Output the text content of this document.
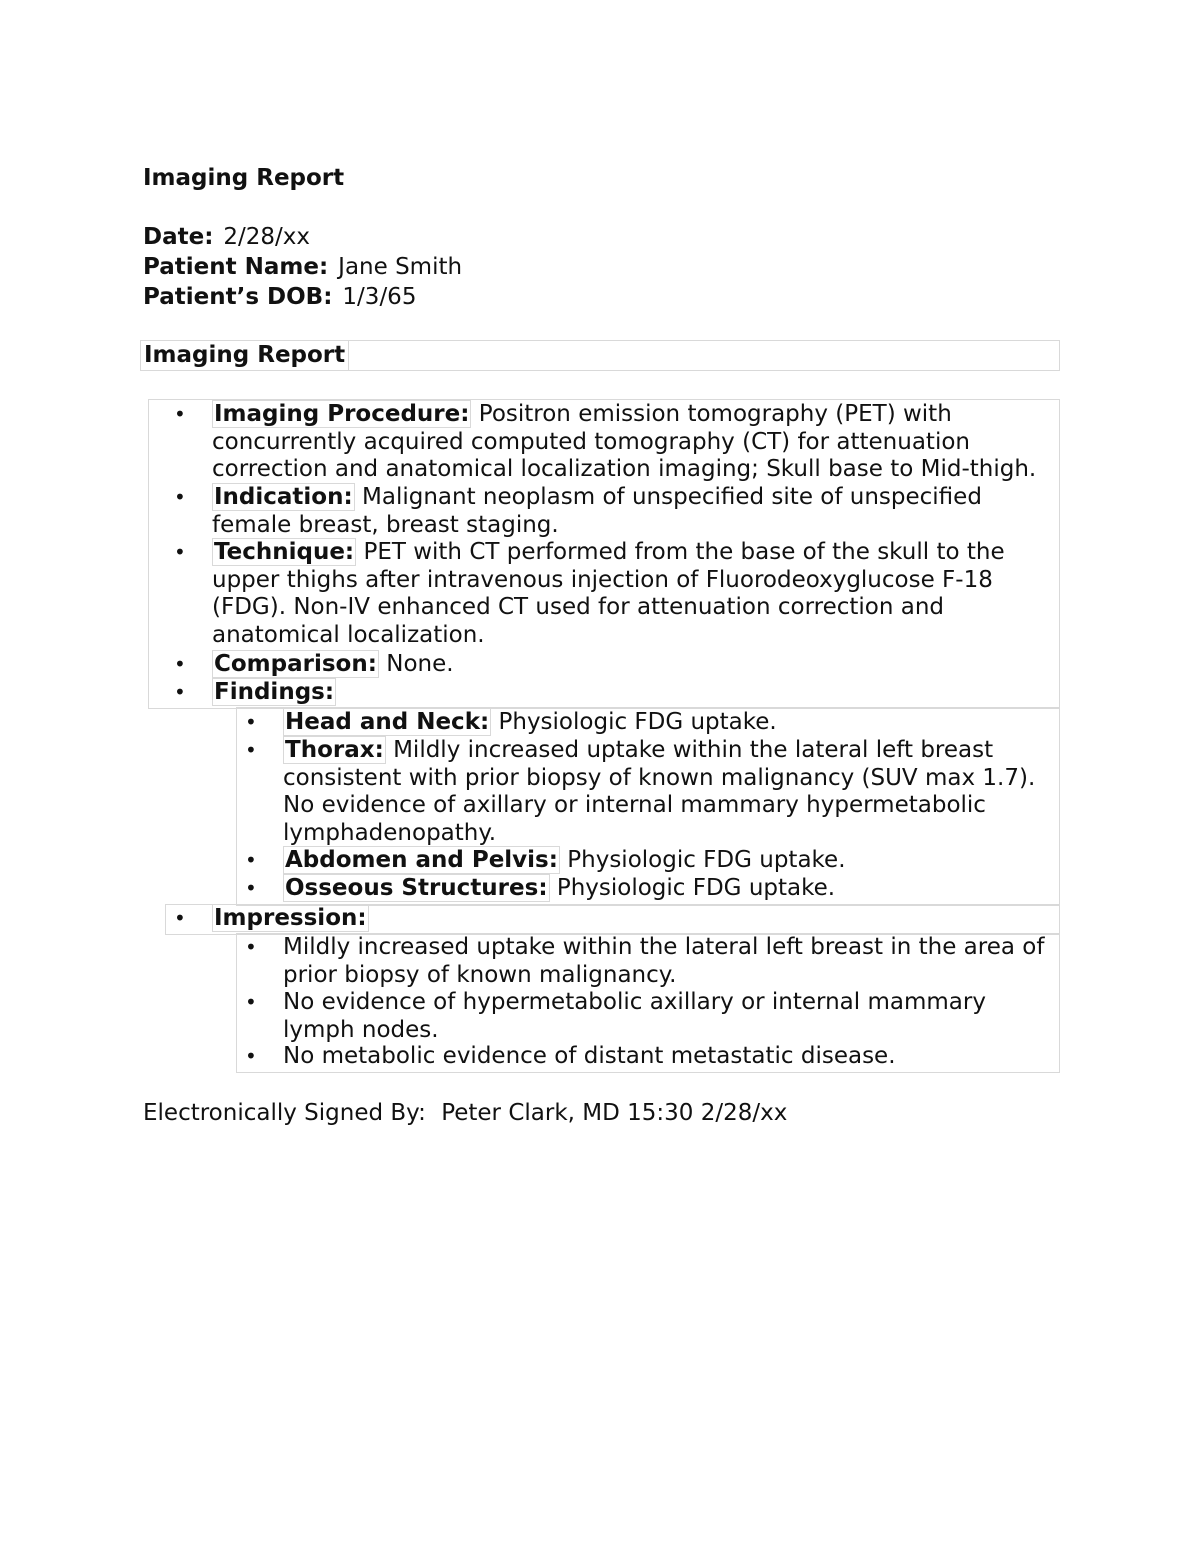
Imaging Report
Date: 2/28/xx
Patient Name: Jane Smith
Patient’s DOB: 1/3/65
Imaging Report
• Imaging Procedure: Positron emission tomography (PET) with concurrently acquired computed tomography (CT) for attenuation correction and anatomical localization imaging; Skull base to Mid-thigh.
• Indication: Malignant neoplasm of unspecified site of unspecified female breast, breast staging.
• Technique: PET with CT performed from the base of the skull to the upper thighs after intravenous injection of Fluorodeoxyglucose F-18 (FDG). Non-IV enhanced CT used for attenuation correction and anatomical localization.
• Comparison: None.
• Findings:
• Head and Neck: Physiologic FDG uptake.
• Thorax: Mildly increased uptake within the lateral left breast consistent with prior biopsy of known malignancy (SUV max 1.7). No evidence of axillary or internal mammary hypermetabolic lymphadenopathy.
• Abdomen and Pelvis: Physiologic FDG uptake.
• Osseous Structures: Physiologic FDG uptake.
• Impression:
• Mildly increased uptake within the lateral left breast in the area of prior biopsy of known malignancy.
• No evidence of hypermetabolic axillary or internal mammary lymph nodes.
• No metabolic evidence of distant metastatic disease.
Electronically Signed By: Peter Clark, MD 15:30 2/28/xx
